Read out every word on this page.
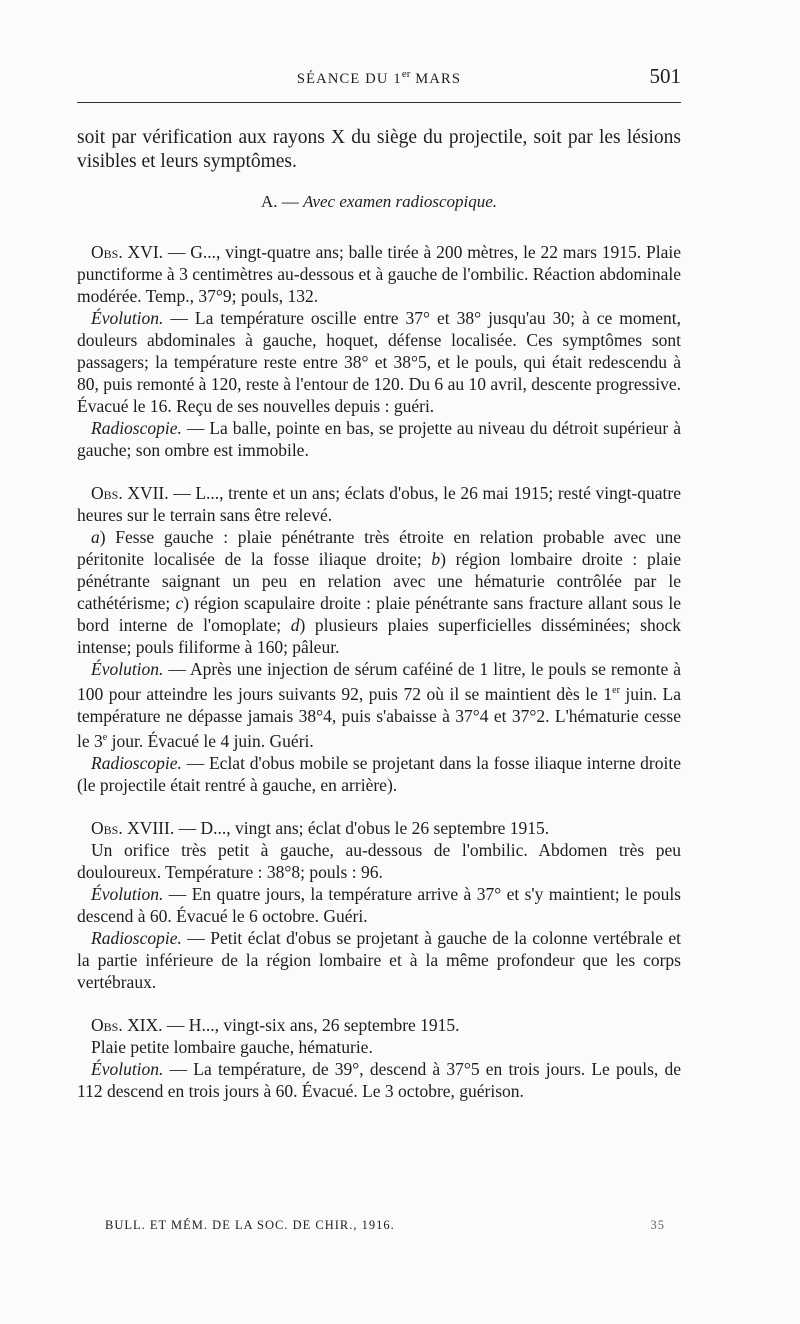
SÉANCE DU 1er MARS	501

soit par vérification aux rayons X du siège du projectile, soit par les lésions visibles et leurs symptômes.

A. — Avec examen radioscopique.

Obs. XVI. — G..., vingt-quatre ans; balle tirée à 200 mètres, le 22 mars 1915. Plaie punctiforme à 3 centimètres au-dessous et à gauche de l'ombilic. Réaction abdominale modérée. Temp., 37°9; pouls, 132.

Évolution. — La température oscille entre 37° et 38° jusqu'au 30; à ce moment, douleurs abdominales à gauche, hoquet, défense localisée. Ces symptômes sont passagers; la température reste entre 38° et 38°5, et le pouls, qui était redescendu à 80, puis remonté à 120, reste à l'entour de 120. Du 6 au 10 avril, descente progressive. Évacué le 16. Reçu de ses nouvelles depuis : guéri.

Radioscopie. — La balle, pointe en bas, se projette au niveau du détroit supérieur à gauche; son ombre est immobile.

Obs. XVII. — L..., trente et un ans; éclats d'obus, le 26 mai 1915; resté vingt-quatre heures sur le terrain sans être relevé.

a) Fesse gauche : plaie pénétrante très étroite en relation probable avec une péritonite localisée de la fosse iliaque droite; b) région lombaire droite : plaie pénétrante saignant un peu en relation avec une hématurie contrôlée par le cathétérisme; c) région scapulaire droite : plaie pénétrante sans fracture allant sous le bord interne de l'omoplate; d) plusieurs plaies superficielles disséminées; shock intense; pouls filiforme à 160; pâleur.

Évolution. — Après une injection de sérum caféiné de 1 litre, le pouls se remonte à 100 pour atteindre les jours suivants 92, puis 72 où il se maintient dès le 1er juin. La température ne dépasse jamais 38°4, puis s'abaisse à 37°4 et 37°2. L'hématurie cesse le 3e jour. Évacué le 4 juin. Guéri.

Radioscopie. — Eclat d'obus mobile se projetant dans la fosse iliaque interne droite (le projectile était rentré à gauche, en arrière).

Obs. XVIII. — D..., vingt ans; éclat d'obus le 26 septembre 1915.

Un orifice très petit à gauche, au-dessous de l'ombilic. Abdomen très peu douloureux. Température : 38°8; pouls : 96.

Évolution. — En quatre jours, la température arrive à 37° et s'y maintient; le pouls descend à 60. Évacué le 6 octobre. Guéri.

Radioscopie. — Petit éclat d'obus se projetant à gauche de la colonne vertébrale et la partie inférieure de la région lombaire et à la même profondeur que les corps vertébraux.

Obs. XIX. — H..., vingt-six ans, 26 septembre 1915.

Plaie petite lombaire gauche, hématurie.

Évolution. — La température, de 39°, descend à 37°5 en trois jours. Le pouls, de 112 descend en trois jours à 60. Évacué. Le 3 octobre, guérison.

BULL. ET MÉM. DE LA SOC. DE CHIR., 1916.	35
